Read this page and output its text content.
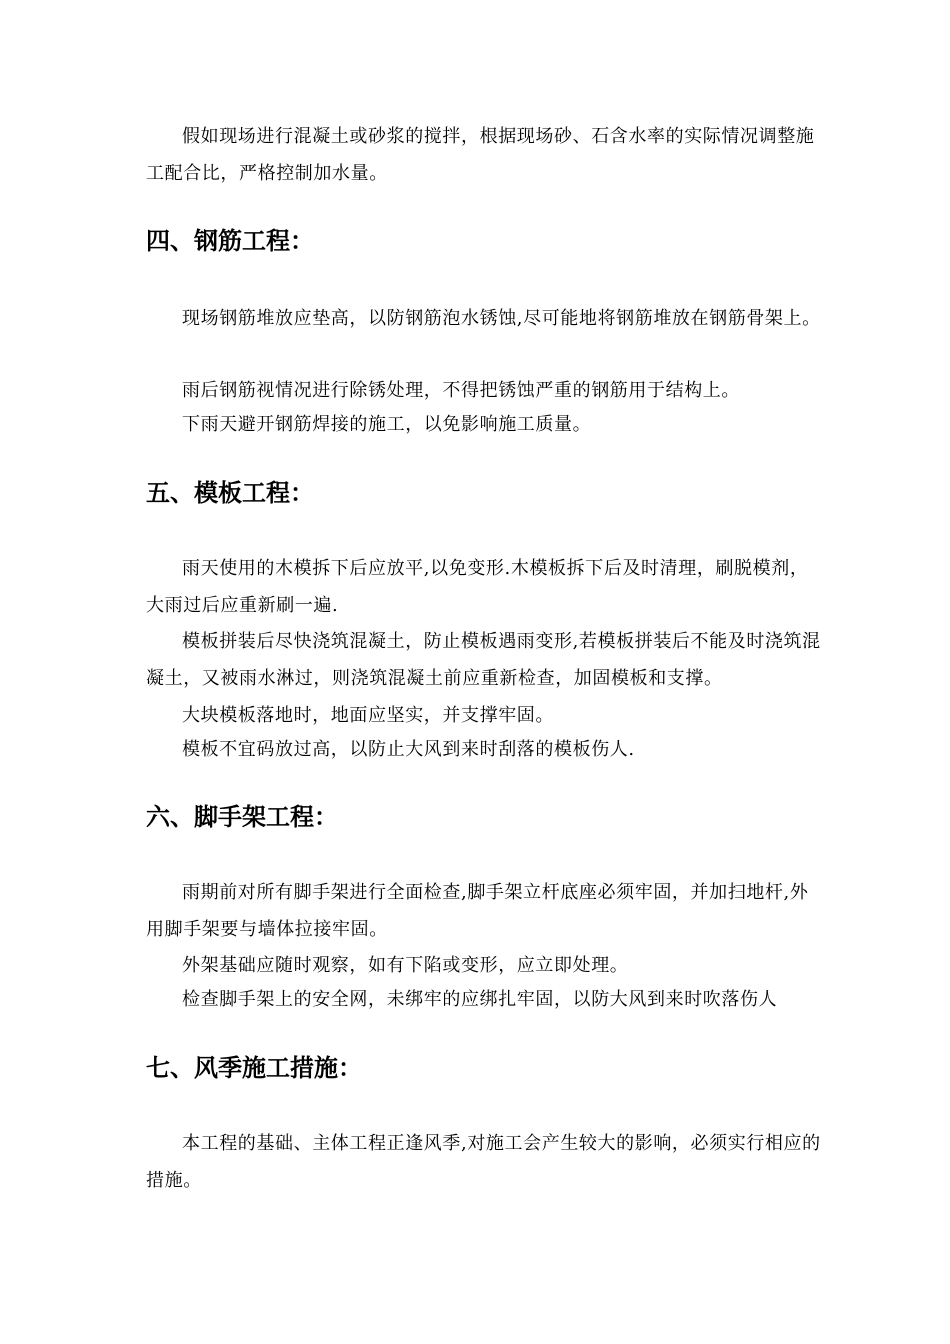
假如现场进行混凝土或砂浆的搅拌，根据现场砂、石含水率的实际情况调整施工配合比，严格控制加水量。

四、钢筋工程：

现场钢筋堆放应垫高，以防钢筋泡水锈蚀,尽可能地将钢筋堆放在钢筋骨架上。

雨后钢筋视情况进行除锈处理，不得把锈蚀严重的钢筋用于结构上。

下雨天避开钢筋焊接的施工，以免影响施工质量。

五、模板工程：

雨天使用的木模拆下后应放平,以免变形.木模板拆下后及时清理，刷脱模剂，大雨过后应重新刷一遍.

模板拼装后尽快浇筑混凝土，防止模板遇雨变形,若模板拼装后不能及时浇筑混凝土，又被雨水淋过，则浇筑混凝土前应重新检查，加固模板和支撑。

大块模板落地时，地面应坚实，并支撑牢固。

模板不宜码放过高，以防止大风到来时刮落的模板伤人.

六、脚手架工程：

雨期前对所有脚手架进行全面检查,脚手架立杆底座必须牢固，并加扫地杆,外用脚手架要与墙体拉接牢固。

外架基础应随时观察，如有下陷或变形，应立即处理。

检查脚手架上的安全网，未绑牢的应绑扎牢固，以防大风到来时吹落伤人

七、风季施工措施：

本工程的基础、主体工程正逢风季,对施工会产生较大的影响，必须实行相应的措施。
